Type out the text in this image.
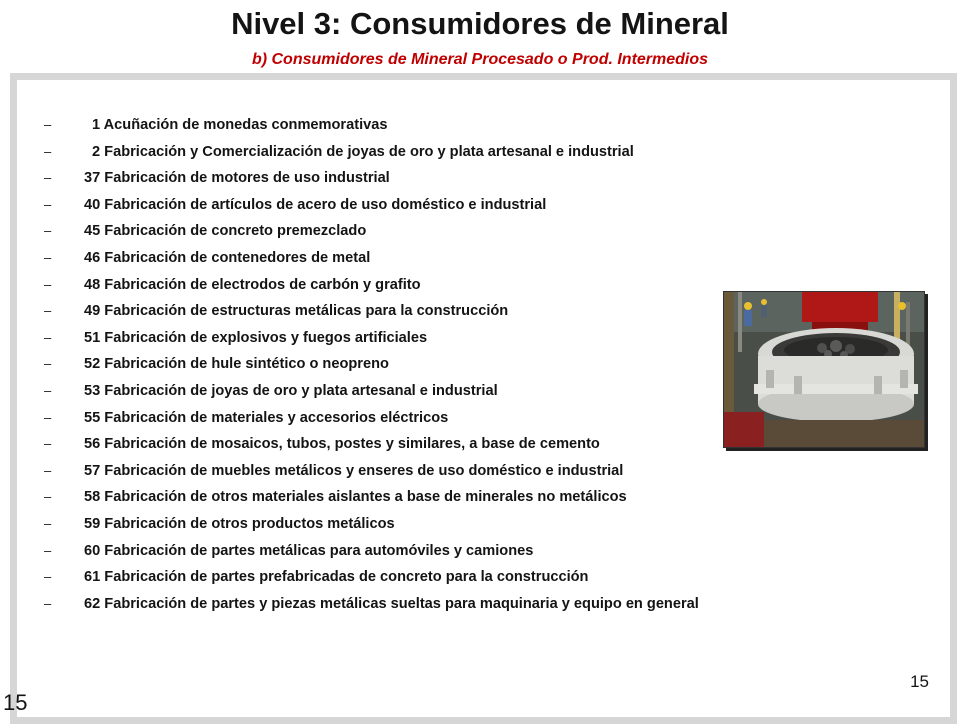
Nivel 3: Consumidores de Mineral
b) Consumidores de Mineral Procesado o Prod. Intermedios
–	1 Acuñación de monedas conmemorativas
–	2 Fabricación y Comercialización de joyas de oro y plata artesanal e industrial
– 37 Fabricación de motores de uso industrial
– 40 Fabricación de artículos de acero de uso doméstico e industrial
– 45 Fabricación de concreto premezclado
– 46 Fabricación de contenedores de metal
– 48 Fabricación de electrodos de carbón y grafito
– 49 Fabricación de estructuras metálicas para la construcción
– 51 Fabricación de explosivos y fuegos artificiales
– 52 Fabricación de hule sintético o neopreno
– 53 Fabricación de joyas de oro y plata artesanal e industrial
– 55 Fabricación de materiales y accesorios eléctricos
– 56 Fabricación de mosaicos, tubos, postes y similares, a base de cemento
– 57 Fabricación de muebles metálicos y enseres de uso doméstico e industrial
– 58 Fabricación de otros materiales aislantes a base de minerales no metálicos
– 59 Fabricación de otros productos metálicos
– 60 Fabricación de partes metálicas para automóviles y camiones
– 61 Fabricación de partes prefabricadas de concreto para la construcción
– 62 Fabricación de partes y piezas metálicas sueltas para maquinaria y equipo en general
15
15
